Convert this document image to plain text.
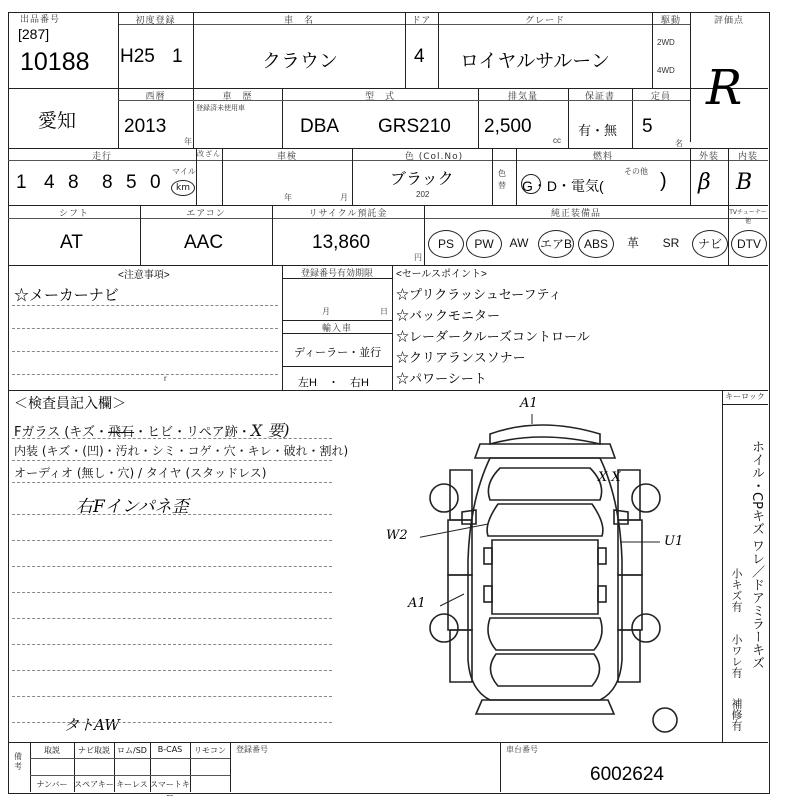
出品番号
[287]
10188
初度登録
H25 1
車　名
クラウン
ドア
4
グレード
ロイヤルサルーン
駆動
2WD
4WD
評価点
R
愛知
西暦
2013
年
車　歴
登録済未使用車
型　式
DBA GRS210
排気量
2,500
cc
保証書
有・無
定員
5
名
走行
1 4 8 8 5 0
マイル
km
改ざん	車検
年	月
色 (Col.No)
ブラック
202
色替
燃料
G・D・電気(
その他 )
外装
β
内装
B
シフト
AT
エアコン
AAC
リサイクル預託金
13,860
円
純正装備品	TVチューナー他
PS	PW	AW エアB ABS	革	SR	ナビ	DTV
<注意事項>
☆メーカーナビ
r
登録番号有効期限
月	日
輸入車
ディーラー・並行
左H　・　右H
<セールスポイント>
☆プリクラッシュセーフティ
☆バックモニター
☆レーダークルーズコントロール
☆クリアランスソナー
☆パワーシート
＜検査員記入欄＞
Fガラス (キズ・飛石・ヒビ・リペア跡・X 要)
内装 (キズ・(凹)・汚れ・シミ・コゲ・穴・キレ・破れ・割れ)
オーディオ (無し・穴) / タイヤ (スタッドレス)
右Fインパネ歪
タトAW
A1
X X
W2	U1
A1
キーロック
ホイル・CPキズ ワレ／ドアミラーキズ
小キズ有
小ワレ有
補修有
備考
取説	ナビ取説 ロム/SD	B-CAS	リモコン
ナンバー スペアキー キーレス スマートキー
登録番号	車台番号
6002624
